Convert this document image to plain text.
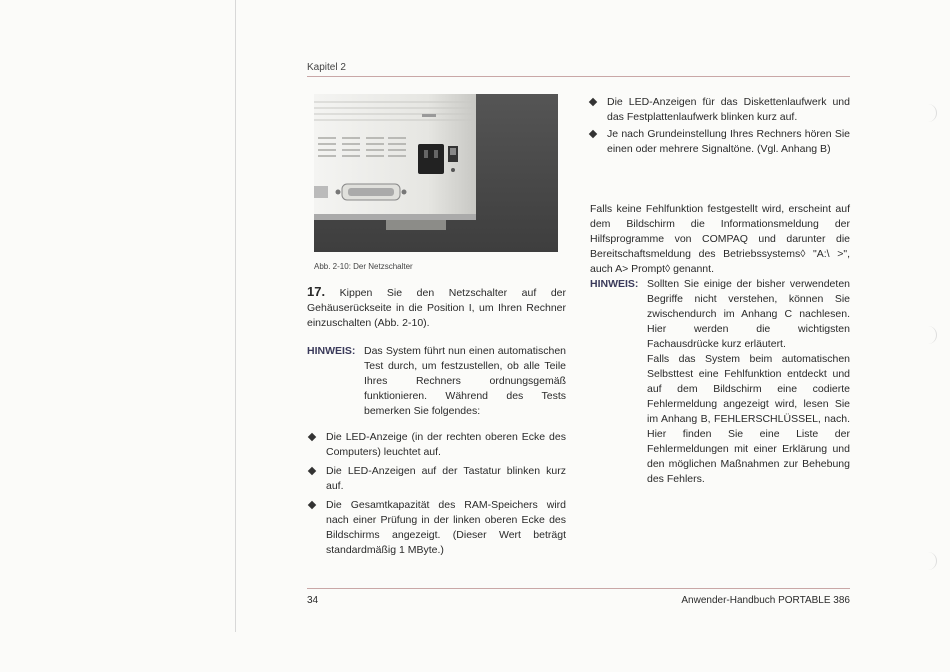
Kapitel 2
Abb. 2-10: Der Netzschalter

17. Kippen Sie den Netzschalter auf der Gehäuserückseite in die Position I, um Ihren Rechner einzuschalten (Abb. 2-10).

HINWEIS: Das System führt nun einen automatischen Test durch, um festzustellen, ob alle Teile Ihres Rechners ordnungsgemäß funktionieren. Während des Tests bemerken Sie folgendes:
Die LED-Anzeige (in der rechten oberen Ecke des Computers) leuchtet auf.
Die LED-Anzeigen auf der Tastatur blinken kurz auf.
Die Gesamtkapazität des RAM-Speichers wird nach einer Prüfung in der linken oberen Ecke des Bildschirms angezeigt. (Dieser Wert beträgt standardmäßig 1 MByte.)
Die LED-Anzeigen für das Diskettenlaufwerk und das Festplattenlaufwerk blinken kurz auf.
Je nach Grundeinstellung Ihres Rechners hören Sie einen oder mehrere Signaltöne. (Vgl. Anhang B)

Falls keine Fehlfunktion festgestellt wird, erscheint auf dem Bildschirm die Informationsmeldung der Hilfsprogramme von COMPAQ und darunter die Bereitschaftsmeldung des Betriebssystems◊ "A:\ >", auch A> Prompt◊ genannt.

HINWEIS: Sollten Sie einige der bisher verwendeten Begriffe nicht verstehen, können Sie zwischendurch im Anhang C nachlesen. Hier werden die wichtigsten Fachausdrücke kurz erläutert.
Falls das System beim automatischen Selbsttest eine Fehlfunktion entdeckt und auf dem Bildschirm eine codierte Fehlermeldung angezeigt wird, lesen Sie im Anhang B, FEHLERSCHLÜSSEL, nach. Hier finden Sie eine Liste der Fehlermeldungen mit einer Erklärung und den möglichen Maßnahmen zur Behebung des Fehlers.
34	Anwender-Handbuch PORTABLE 386
